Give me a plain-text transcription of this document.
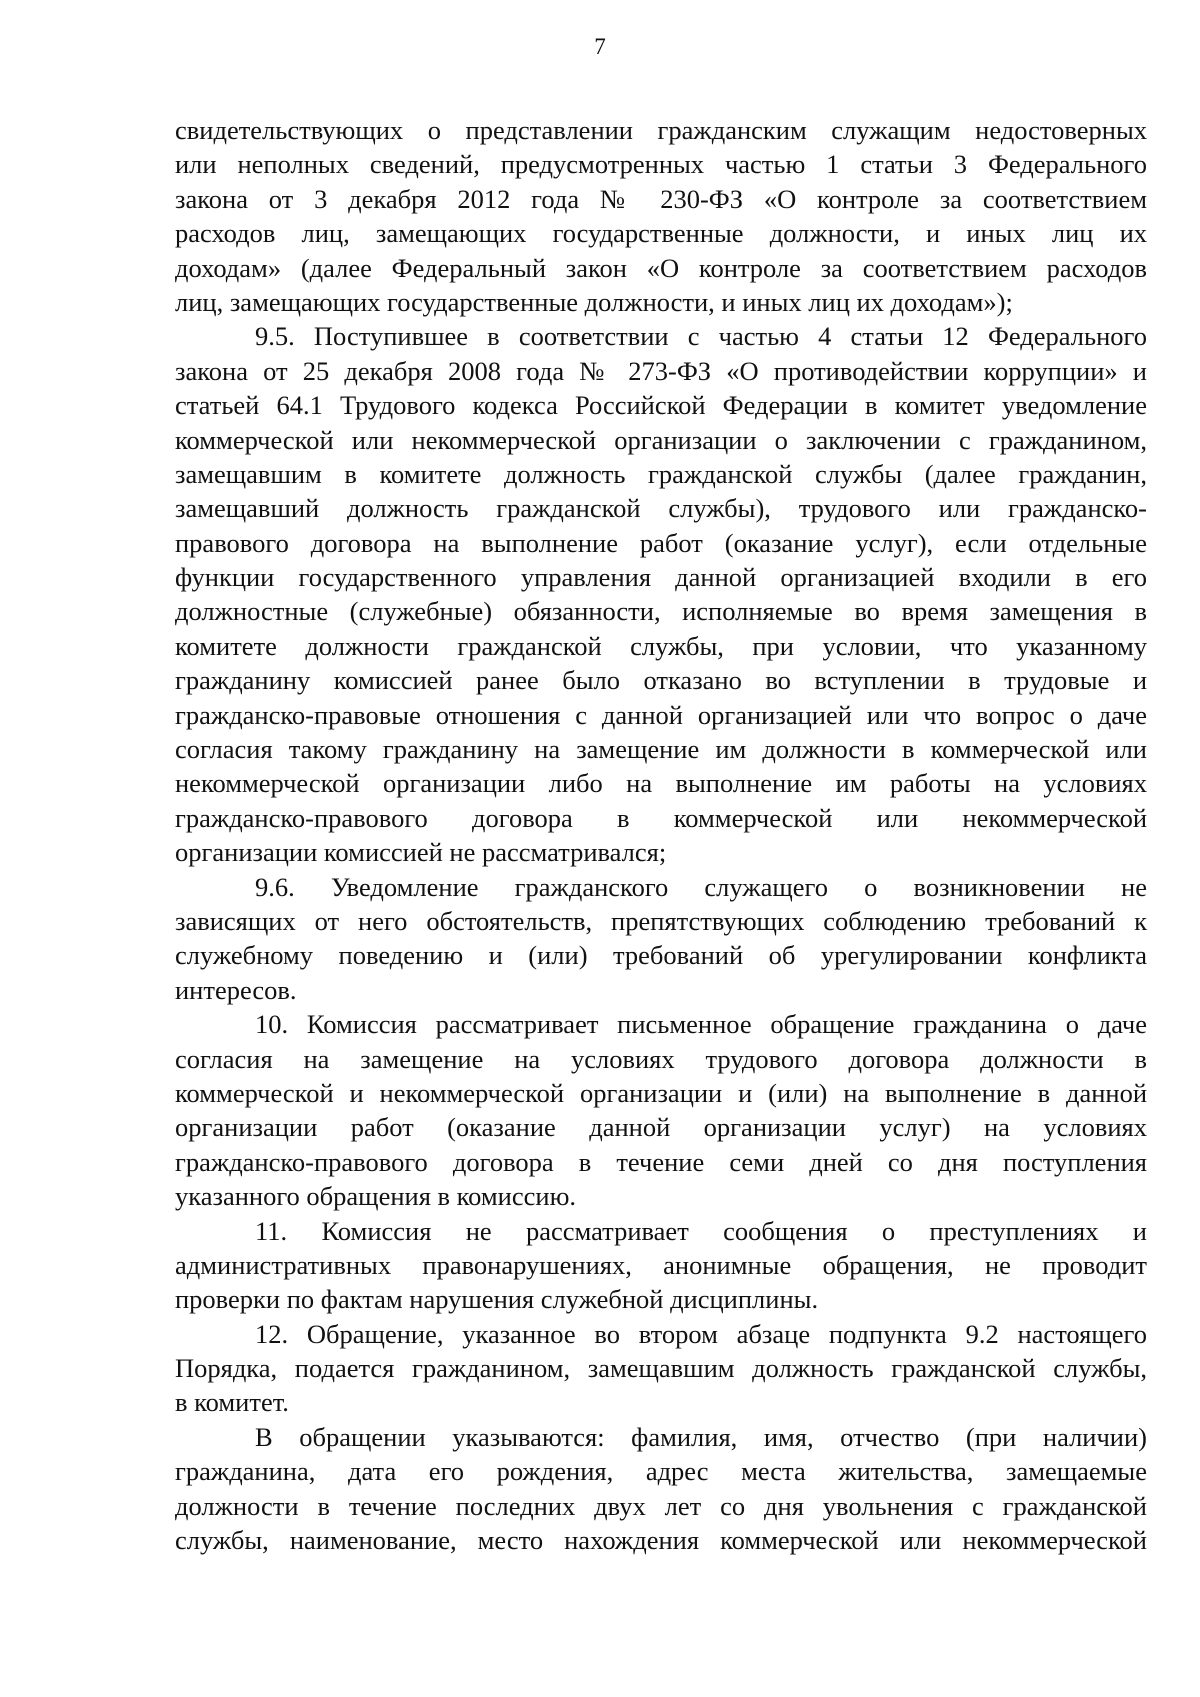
7
свидетельствующих о представлении гражданским служащим недостоверных
или неполных сведений, предусмотренных частью 1 статьи 3 Федерального
закона от 3 декабря 2012 года № 230-ФЗ «О контроле за соответствием
расходов лиц, замещающих государственные должности, и иных лиц их
доходам» (далее Федеральный закон «О контроле за соответствием расходов
лиц, замещающих государственные должности, и иных лиц их доходам»);
9.5. Поступившее в соответствии с частью 4 статьи 12 Федерального
закона от 25 декабря 2008 года № 273-ФЗ «О противодействии коррупции» и
статьей 64.1 Трудового кодекса Российской Федерации в комитет уведомление
коммерческой или некоммерческой организации о заключении с гражданином,
замещавшим в комитете должность гражданской службы (далее гражданин,
замещавший должность гражданской службы), трудового или гражданско-
правового договора на выполнение работ (оказание услуг), если отдельные
функции государственного управления данной организацией входили в его
должностные (служебные) обязанности, исполняемые во время замещения в
комитете должности гражданской службы, при условии, что указанному
гражданину комиссией ранее было отказано во вступлении в трудовые и
гражданско-правовые отношения с данной организацией или что вопрос о даче
согласия такому гражданину на замещение им должности в коммерческой или
некоммерческой организации либо на выполнение им работы на условиях
гражданско-правового договора в коммерческой или некоммерческой
организации комиссией не рассматривался;
9.6. Уведомление гражданского служащего о возникновении не
зависящих от него обстоятельств, препятствующих соблюдению требований к
служебному поведению и (или) требований об урегулировании конфликта
интересов.
10. Комиссия рассматривает письменное обращение гражданина о даче
согласия на замещение на условиях трудового договора должности в
коммерческой и некоммерческой организации и (или) на выполнение в данной
организации работ (оказание данной организации услуг) на условиях
гражданско-правового договора в течение семи дней со дня поступления
указанного обращения в комиссию.
11. Комиссия не рассматривает сообщения о преступлениях и
административных правонарушениях, анонимные обращения, не проводит
проверки по фактам нарушения служебной дисциплины.
12. Обращение, указанное во втором абзаце подпункта 9.2 настоящего
Порядка, подается гражданином, замещавшим должность гражданской службы,
в комитет.
В обращении указываются: фамилия, имя, отчество (при наличии)
гражданина, дата его рождения, адрес места жительства, замещаемые
должности в течение последних двух лет со дня увольнения с гражданской
службы, наименование, место нахождения коммерческой или некоммерческой
